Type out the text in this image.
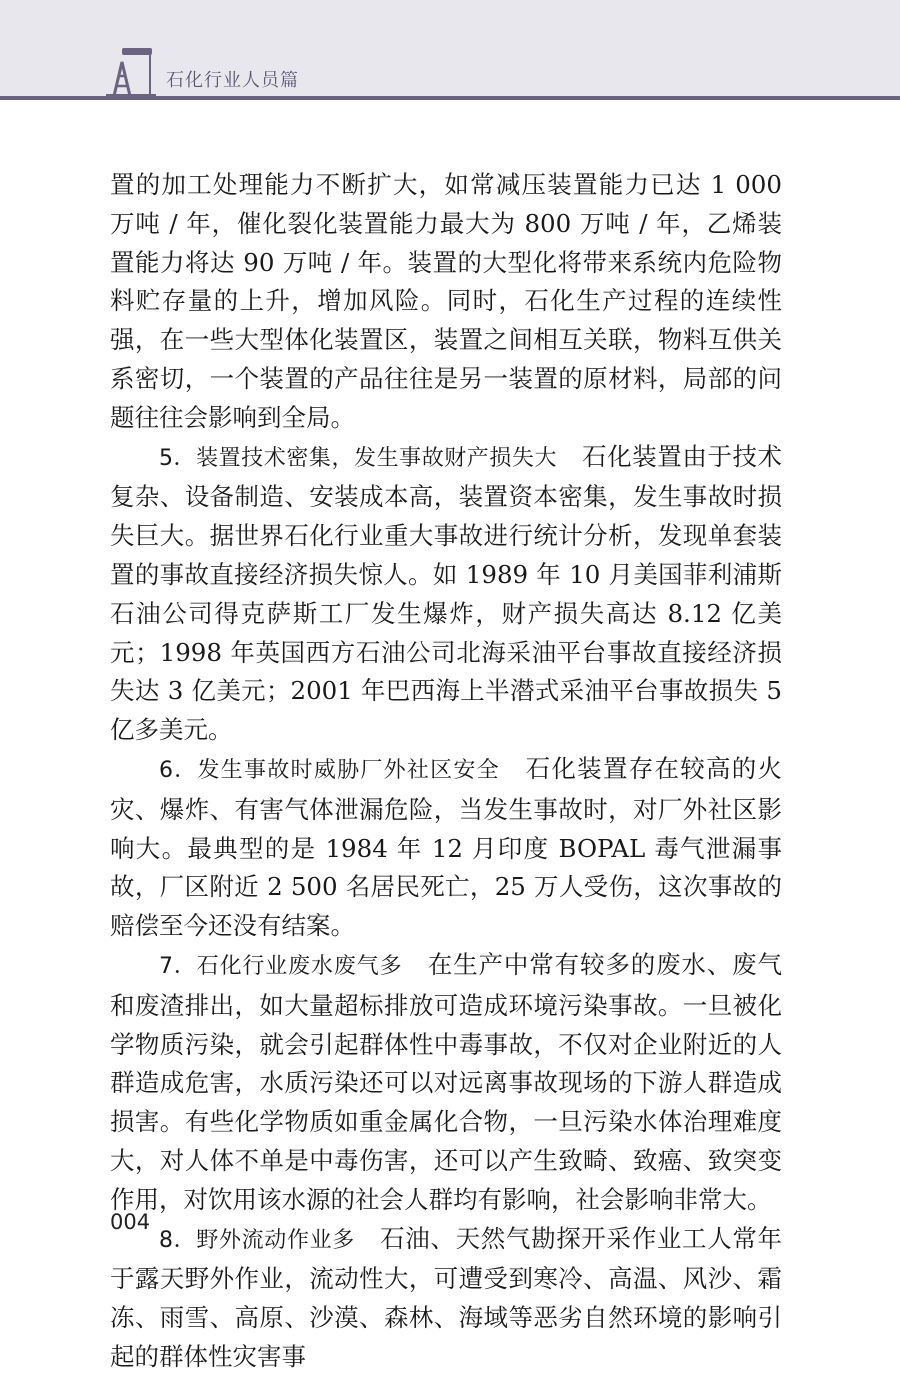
石化行业人员篇

置的加工处理能力不断扩大，如常减压装置能力已达 1 000 万吨 / 年，催化裂化装置能力最大为 800 万吨 / 年，乙烯装置能力将达 90 万吨 / 年。装置的大型化将带来系统内危险物料贮存量的上升，增加风险。同时，石化生产过程的连续性强，在一些大型体化装置区，装置之间相互关联，物料互供关系密切，一个装置的产品往往是另一装置的原材料，局部的问题往往会影响到全局。

5．装置技术密集，发生事故财产损失大  石化装置由于技术复杂、设备制造、安装成本高，装置资本密集，发生事故时损失巨大。据世界石化行业重大事故进行统计分析，发现单套装置的事故直接经济损失惊人。如 1989 年 10 月美国菲利浦斯石油公司得克萨斯工厂发生爆炸，财产损失高达 8.12 亿美元；1998 年英国西方石油公司北海采油平台事故直接经济损失达 3 亿美元；2001 年巴西海上半潜式采油平台事故损失 5 亿多美元。

6．发生事故时威胁厂外社区安全  石化装置存在较高的火灾、爆炸、有害气体泄漏危险，当发生事故时，对厂外社区影响大。最典型的是 1984 年 12 月印度 BOPAL 毒气泄漏事故，厂区附近 2 500 名居民死亡，25 万人受伤，这次事故的赔偿至今还没有结案。

7．石化行业废水废气多  在生产中常有较多的废水、废气和废渣排出，如大量超标排放可造成环境污染事故。一旦被化学物质污染，就会引起群体性中毒事故，不仅对企业附近的人群造成危害，水质污染还可以对远离事故现场的下游人群造成损害。有些化学物质如重金属化合物，一旦污染水体治理难度大，对人体不单是中毒伤害，还可以产生致畸、致癌、致突变作用，对饮用该水源的社会人群均有影响，社会影响非常大。

8．野外流动作业多  石油、天然气勘探开采作业工人常年于露天野外作业，流动性大，可遭受到寒冷、高温、风沙、霜冻、雨雪、高原、沙漠、森林、海域等恶劣自然环境的影响引起的群体性灾害事

004
